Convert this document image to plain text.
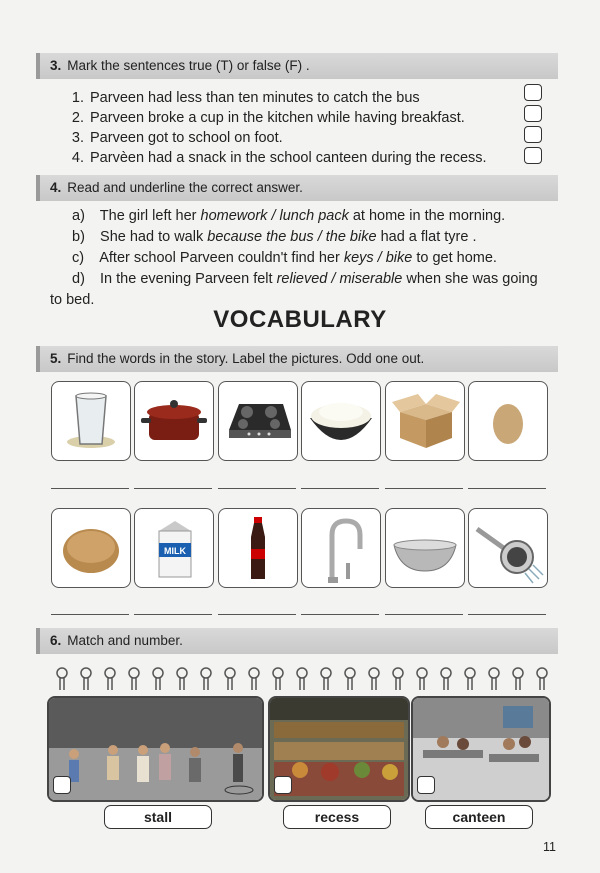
3. Mark the sentences true (T) or false (F) .
1. Parveen had less than ten minutes to catch the bus
2. Parveen broke a cup in the kitchen while having breakfast.
3. Parveen got to school on foot.
4. Parvèen had a snack in the school canteen during the recess.
4. Read and underline the correct answer.
a) The girl left her homework / lunch pack at home in the morning.
b) She had to walk because the bus / the bike had a flat tyre .
c) After school Parveen couldn't find her keys / bike to get home.
d) In the evening Parveen felt relieved / miserable when she was going
to bed.
VOCABULARY
5. Find the words in the story. Label the pictures. Odd one out.
MILK
6. Match and number.
stall	recess	canteen
11
